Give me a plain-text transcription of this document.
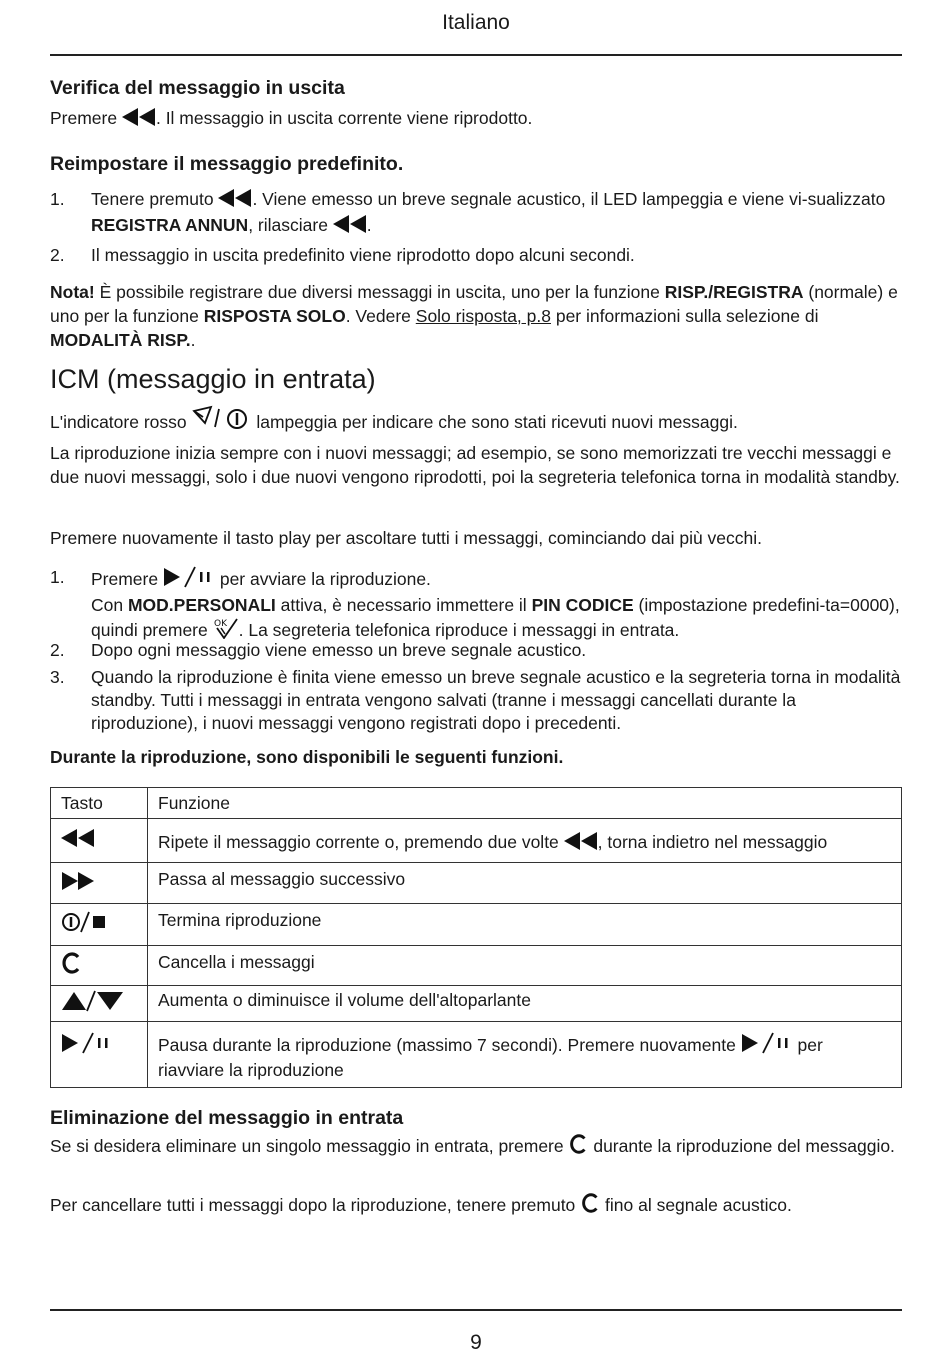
Italiano
Verifica del messaggio in uscita

Premere . Il messaggio in uscita corrente viene riprodotto.

Reimpostare il messaggio predefinito.
1. Tenere premuto . Viene emesso un breve segnale acustico, il LED lampeggia e viene vi-sualizzato REGISTRA ANNUN, rilasciare .
2. Il messaggio in uscita predefinito viene riprodotto dopo alcuni secondi.

Nota! È possibile registrare due diversi messaggi in uscita, uno per la funzione RISP./REGISTRA (normale) e uno per la funzione RISPOSTA SOLO. Vedere Solo risposta, p.8 per informazioni sulla selezione di MODALITÀ RISP..

ICM (messaggio in entrata)

L'indicatore rosso	lampeggia per indicare che sono stati ricevuti nuovi messaggi.

La riproduzione inizia sempre con i nuovi messaggi; ad esempio, se sono memorizzati tre vecchi messaggi e due nuovi messaggi, solo i due nuovi vengono riprodotti, poi la segreteria telefonica torna in modalità standby.

Premere nuovamente il tasto play per ascoltare tutti i messaggi, cominciando dai più vecchi.

1. Premere	per avviare la riproduzione.
Con MOD.PERSONALI attiva, è necessario immettere il PIN CODICE (impostazione predefini-ta=0000), quindi premere OK . La segreteria telefonica riproduce i messaggi in entrata.
2. Dopo ogni messaggio viene emesso un breve segnale acustico.
3. Quando la riproduzione è finita viene emesso un breve segnale acustico e la segreteria torna in modalità standby. Tutti i messaggi in entrata vengono salvati (tranne i messaggi cancellati durante la riproduzione), i nuovi messaggi vengono registrati dopo i precedenti.

Durante la riproduzione, sono disponibili le seguenti funzioni.

Tasto	Funzione
	Ripete il messaggio corrente o, premendo due volte , torna indietro nel messaggio
	Passa al messaggio successivo
	Termina riproduzione
	Cancella i messaggi
	Aumenta o diminuisce il volume dell'altoparlante
	Pausa durante la riproduzione (massimo 7 secondi). Premere nuovamente per riavviare la riproduzione
Eliminazione del messaggio in entrata

Se si desidera eliminare un singolo messaggio in entrata, premere  durante la riproduzione del messaggio.

Per cancellare tutti i messaggi dopo la riproduzione, tenere premuto  fino al segnale acustico.

9
